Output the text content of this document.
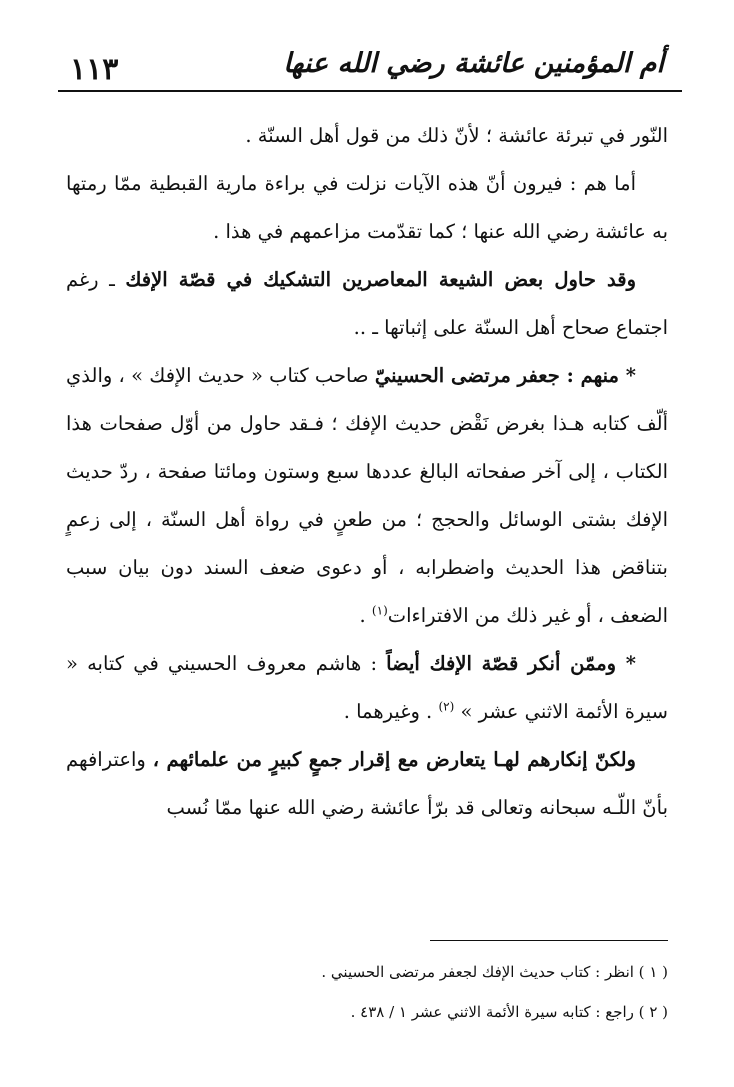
١١٣	أم المؤمنين عائشة رضي الله عنها

النّور في تبرئة عائشة ؛ لأنّ ذلك من قول أهل السنّة .

أما هم : فيرون أنّ هذه الآيات نزلت في براءة مارية القبطية ممّا رمتها به عائشة رضي الله عنها ؛ كما تقدّمت مزاعمهم في هذا .

وقد حاول بعض الشيعة المعاصرين التشكيك في قصّة الإفك ـ رغم اجتماع صحاح أهل السنّة على إثباتها ـ ..

* منهم : جعفر مرتضى الحسينيّ صاحب كتاب « حديث الإفك » ، والذي ألّف كتابه هـذا بغرض نَقْض حديث الإفك ؛ فـقد حاول من أوّل صفحات هذا الكتاب ، إلى آخر صفحاته البالغ عددها سبع وستون ومائتا صفحة ، ردّ حديث الإفك بشتى الوسائل والحجج ؛ من طعنٍ في رواة أهل السنّة ، إلى زعمٍ بتناقض هذا الحديث واضطرابه ، أو دعوى ضعف السند دون بيان سبب الضعف ، أو غير ذلك من الافتراءات$^{(١)}$ .

* وممّن أنكر قصّة الإفك أيضاً : هاشم معروف الحسيني في كتابه « سيرة الأئمة الاثني عشر » $^{(٢)}$ . وغيرهما .

ولكنّ إنكارهم لهـا يتعارض مع إقرار جمعٍ كبيرٍ من علمائهم ، واعترافهم بأنّ اللّـه سبحانه وتعالى قد برّأ عائشة رضي الله عنها ممّا نُسب

( ١ ) انظر : كتاب حديث الإفك لجعفر مرتضى الحسيني .

( ٢ ) راجع : كتابه سيرة الأئمة الاثني عشر ١ / ٤٣٨ .
